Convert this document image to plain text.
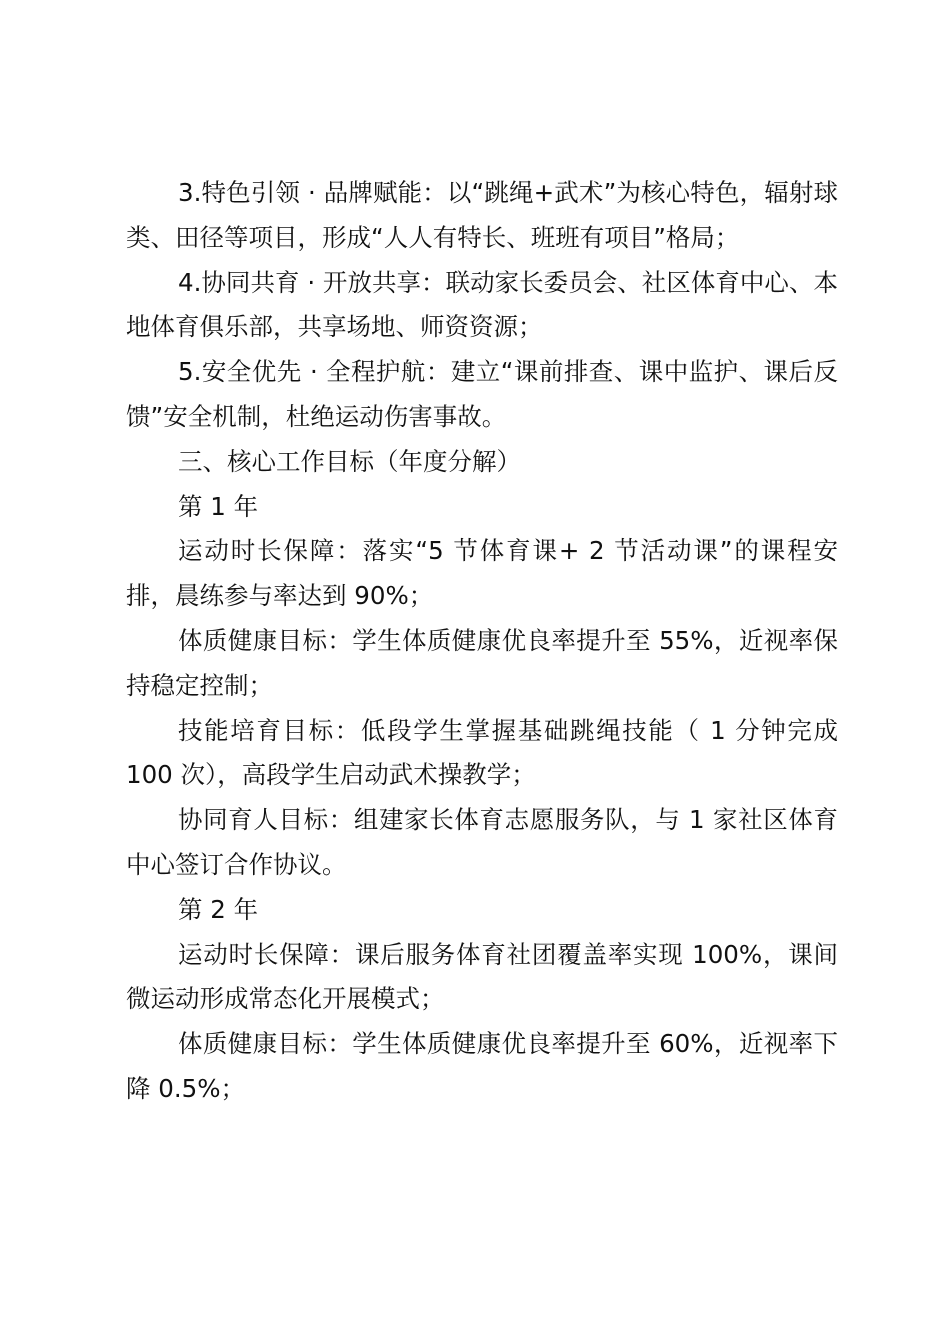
3.特色引领 · 品牌赋能：以“跳绳+武术”为核心特色，辐射球类、田径等项目，形成“人人有特长、班班有项目”格局；

4.协同共育 · 开放共享：联动家长委员会、社区体育中心、本地体育俱乐部，共享场地、师资资源；

5.安全优先 · 全程护航：建立“课前排查、课中监护、课后反馈”安全机制，杜绝运动伤害事故。

三、核心工作目标（年度分解）

第 1 年

运动时长保障：落实“5 节体育课+ 2 节活动课”的课程安排，晨练参与率达到 90%；

体质健康目标：学生体质健康优良率提升至 55%，近视率保持稳定控制；

技能培育目标：低段学生掌握基础跳绳技能（ 1 分钟完成 100 次），高段学生启动武术操教学；

协同育人目标：组建家长体育志愿服务队，与 1 家社区体育中心签订合作协议。

第 2 年

运动时长保障：课后服务体育社团覆盖率实现 100%，课间微运动形成常态化开展模式；

体质健康目标：学生体质健康优良率提升至 60%，近视率下降 0.5%；
